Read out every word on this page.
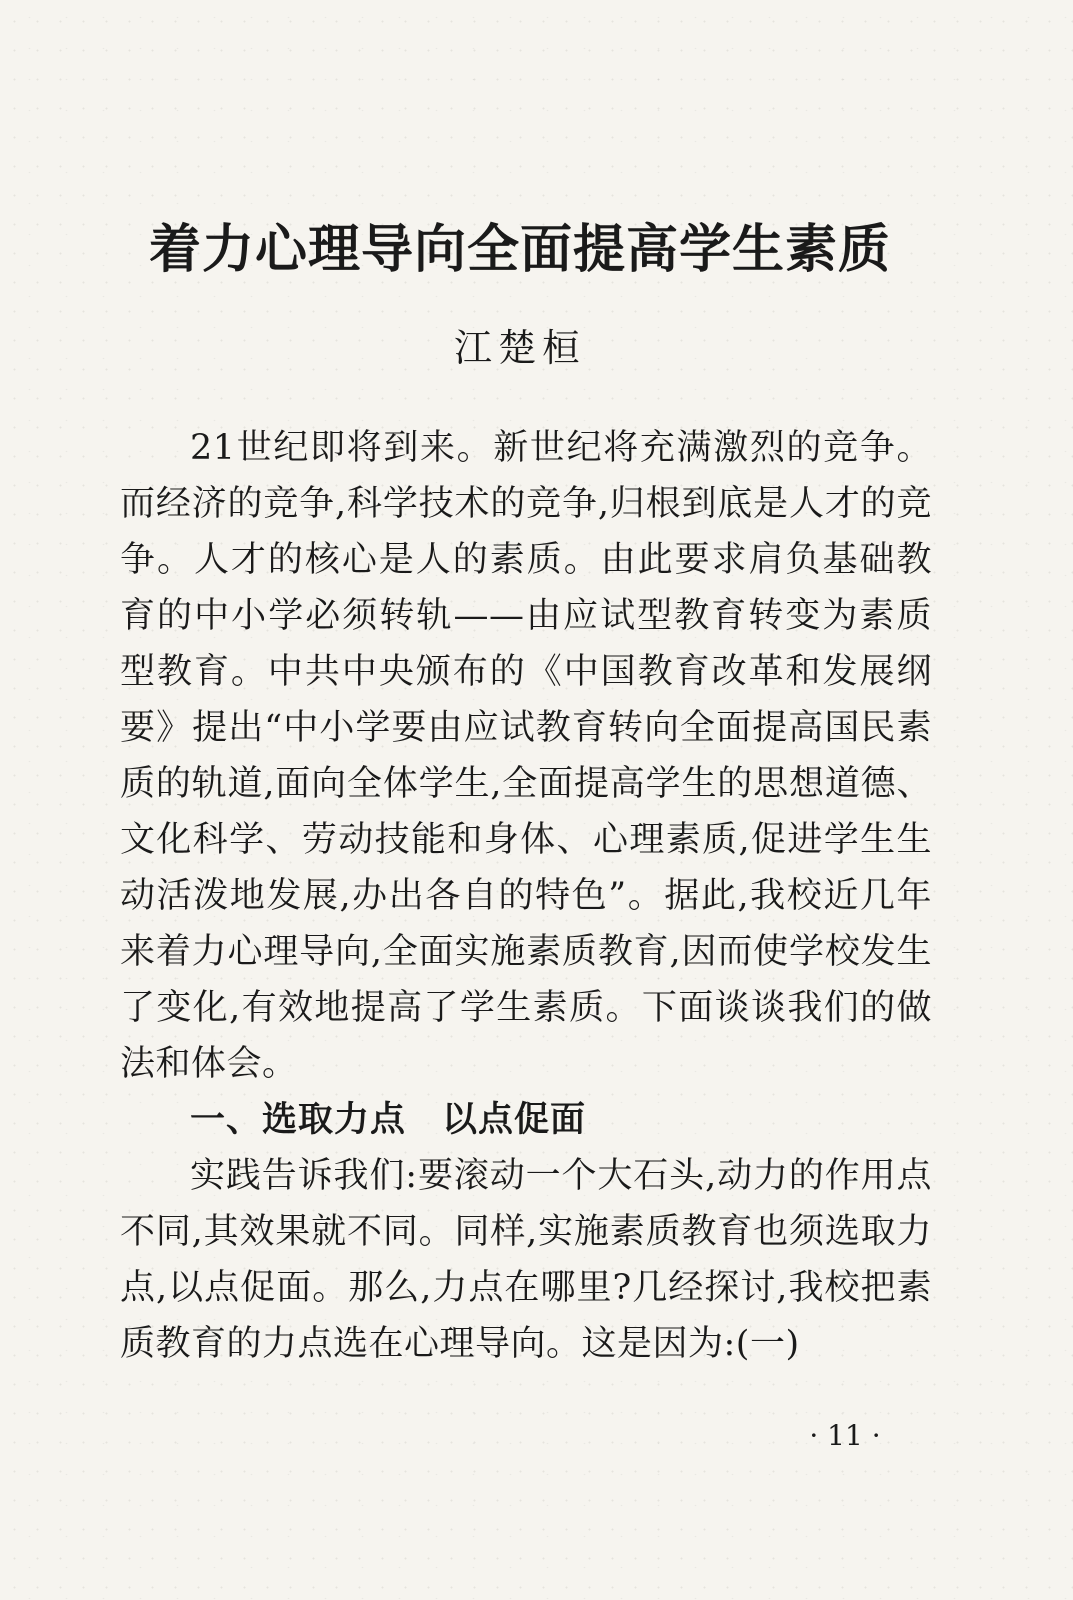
着力心理导向全面提高学生素质
江楚桓

21世纪即将到来。新世纪将充满激烈的竞争。而经济的竞争,科学技术的竞争,归根到底是人才的竞争。人才的核心是人的素质。由此要求肩负基础教育的中小学必须转轨——由应试型教育转变为素质型教育。中共中央颁布的《中国教育改革和发展纲要》提出“中小学要由应试教育转向全面提高国民素质的轨道,面向全体学生,全面提高学生的思想道德、文化科学、劳动技能和身体、心理素质,促进学生生动活泼地发展,办出各自的特色”。据此,我校近几年来着力心理导向,全面实施素质教育,因而使学校发生了变化,有效地提高了学生素质。下面谈谈我们的做法和体会。

一、选取力点　以点促面

实践告诉我们:要滚动一个大石头,动力的作用点不同,其效果就不同。同样,实施素质教育也须选取力点,以点促面。那么,力点在哪里?几经探讨,我校把素质教育的力点选在心理导向。这是因为:(一)

· 11 ·
